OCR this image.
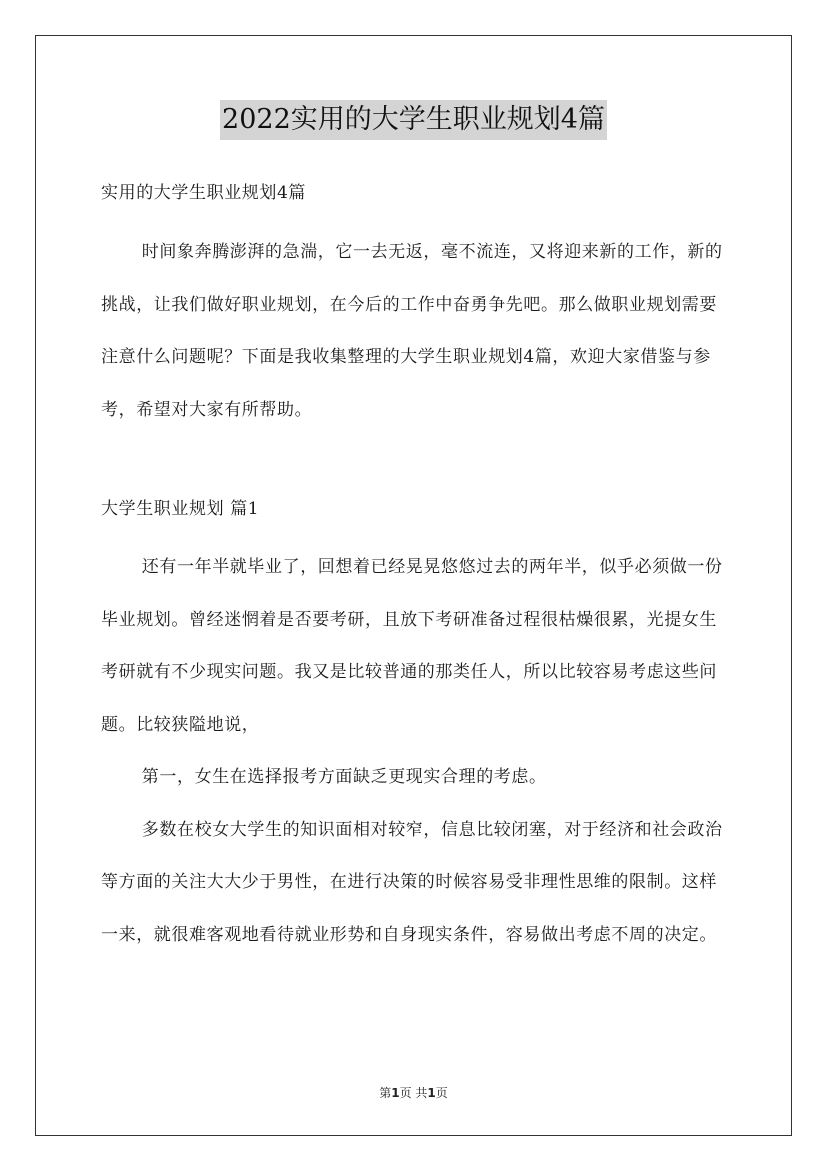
2022实用的大学生职业规划4篇

实用的大学生职业规划4篇

时间象奔腾澎湃的急湍，它一去无返，毫不流连，又将迎来新的工作，新的挑战，让我们做好职业规划，在今后的工作中奋勇争先吧。那么做职业规划需要注意什么问题呢？下面是我收集整理的大学生职业规划4篇，欢迎大家借鉴与参考，希望对大家有所帮助。

大学生职业规划 篇1

还有一年半就毕业了，回想着已经晃晃悠悠过去的两年半，似乎必须做一份毕业规划。曾经迷惘着是否要考研，且放下考研准备过程很枯燥很累，光提女生考研就有不少现实问题。我又是比较普通的那类任人，所以比较容易考虑这些问题。比较狭隘地说，

第一，女生在选择报考方面缺乏更现实合理的考虑。

多数在校女大学生的知识面相对较窄，信息比较闭塞，对于经济和社会政治等方面的关注大大少于男性，在进行决策的时候容易受非理性思维的限制。这样一来，就很难客观地看待就业形势和自身现实条件，容易做出考虑不周的决定。

第1页 共1页
